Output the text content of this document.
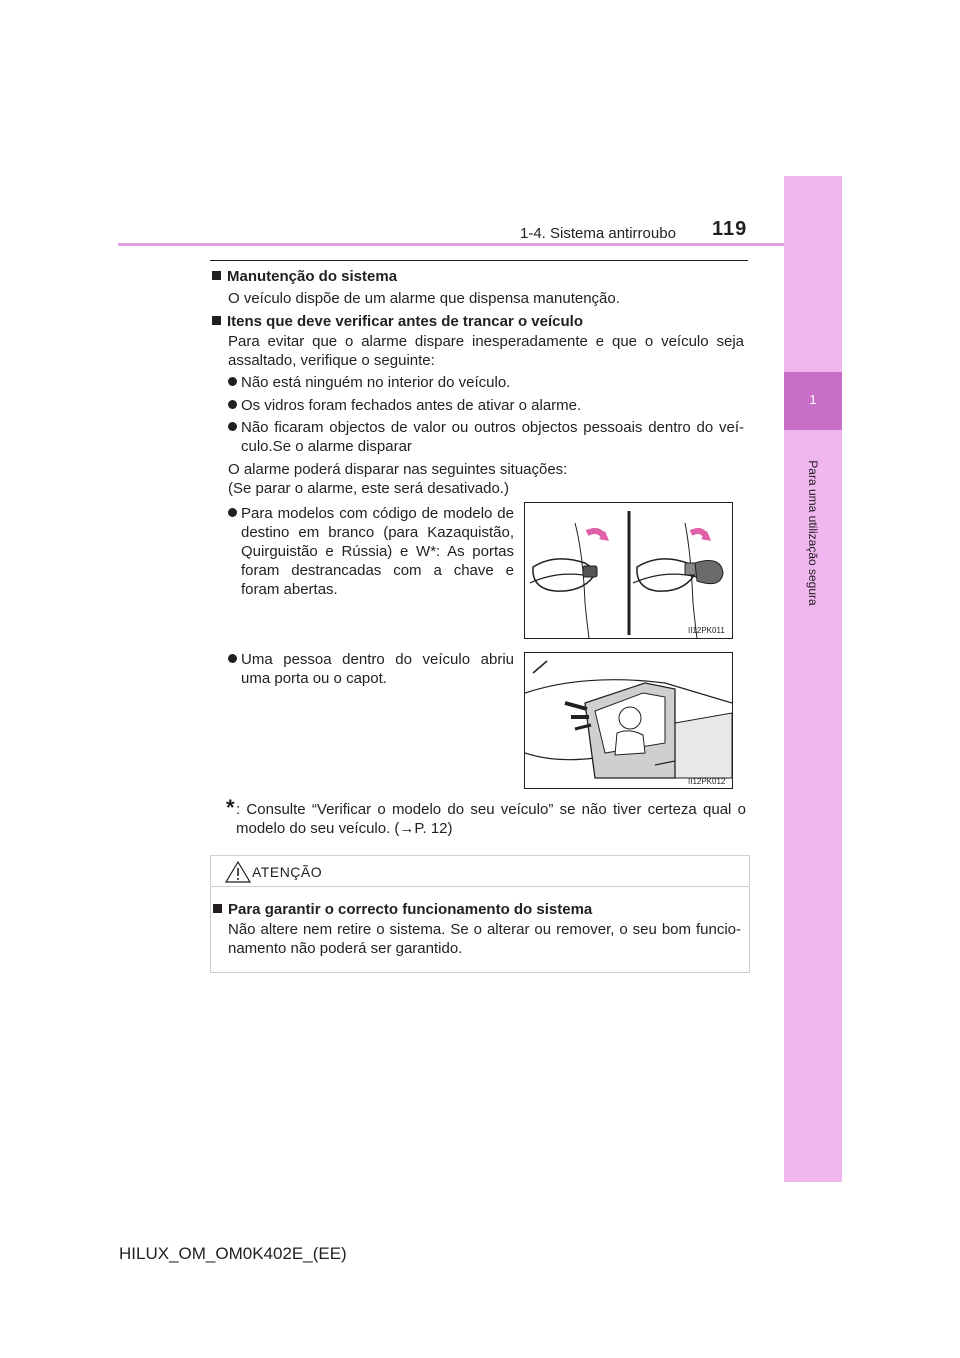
1
Para uma utilização segura
1-4. Sistema antirroubo 119
Manutenção do sistema
O veículo dispõe de um alarme que dispensa manutenção.
Itens que deve verificar antes de trancar o veículo
Para evitar que o alarme dispare inesperadamente e que o veículo seja assaltado, verifique o seguinte:
Não está ninguém no interior do veículo.
Os vidros foram fechados antes de ativar o alarme.
Não ficaram objectos de valor ou outros objectos pessoais dentro do veí-culo.Se o alarme disparar
O alarme poderá disparar nas seguintes situações:
(Se parar o alarme, este será desativado.)
Para modelos com código de modelo de destino em branco (para Kazaquistão, Quirguistão e Rússia) e W*: As portas foram destrancadas com a chave e foram abertas.
II12PK011
Uma pessoa dentro do veículo abriu uma porta ou o capot.
II12PK012
* : Consulte “Verificar o modelo do seu veículo” se não tiver certeza qual o modelo do seu veículo. (→P. 12)
ATENÇÃO
Para garantir o correcto funcionamento do sistema
Não altere nem retire o sistema. Se o alterar ou remover, o seu bom funcio-namento não poderá ser garantido.
HILUX_OM_OM0K402E_(EE)
